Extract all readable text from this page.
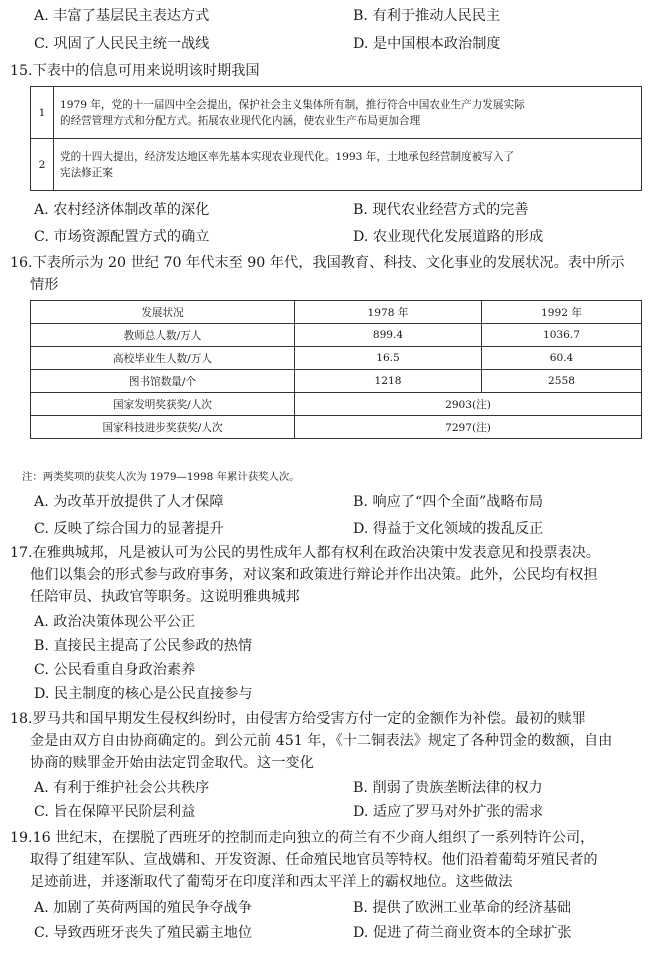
A. 丰富了基层民主表达方式	B. 有利于推动人民民主
C. 巩固了人民民主统一战线	D. 是中国根本政治制度
15.下表中的信息可用来说明该时期我国
1	1979 年，党的十一届四中全会提出，保护社会主义集体所有制，推行符合中国农业生产力发展实际
的经营管理方式和分配方式。拓展农业现代化内涵，使农业生产布局更加合理

2	党的十四大提出，经济发达地区率先基本实现农业现代化。1993 年，土地承包经营制度被写入了
宪法修正案
A. 农村经济体制改革的深化	B. 现代农业经营方式的完善
C. 市场资源配置方式的确立	D. 农业现代化发展道路的形成
16.下表所示为 20 世纪 70 年代末至 90 年代，我国教育、科技、文化事业的发展状况。表中所示
情形
发展状况	1978 年	1992 年
教师总人数/万人	899.4	1036.7
高校毕业生人数/万人	16.5	60.4
图书馆数量/个	1218	2558
国家发明奖获奖/人次	2903(注)	
国家科技进步奖获奖/人次	7297(注)	
注：两类奖项的获奖人次为 1979—1998 年累计获奖人次。
A. 为改革开放提供了人才保障	B. 响应了“四个全面”战略布局
C. 反映了综合国力的显著提升	D. 得益于文化领域的拨乱反正
17.在雅典城邦，凡是被认可为公民的男性成年人都有权利在政治决策中发表意见和投票表决。
他们以集会的形式参与政府事务，对议案和政策进行辩论并作出决策。此外，公民均有权担
任陪审员、执政官等职务。这说明雅典城邦
A. 政治决策体现公平公正
B. 直接民主提高了公民参政的热情
C. 公民看重自身政治素养
D. 民主制度的核心是公民直接参与
18.罗马共和国早期发生侵权纠纷时，由侵害方给受害方付一定的金额作为补偿。最初的赎罪
金是由双方自由协商确定的。到公元前 451 年，《十二铜表法》规定了各种罚金的数额，自由
协商的赎罪金开始由法定罚金取代。这一变化
A. 有利于维护社会公共秩序	B. 削弱了贵族垄断法律的权力
C. 旨在保障平民阶层利益	D. 适应了罗马对外扩张的需求
19.16 世纪末，在摆脱了西班牙的控制而走向独立的荷兰有不少商人组织了一系列特许公司，
取得了组建军队、宣战媾和、开发资源、任命殖民地官员等特权。他们沿着葡萄牙殖民者的
足迹前进，并逐渐取代了葡萄牙在印度洋和西太平洋上的霸权地位。这些做法
A. 加剧了英荷两国的殖民争夺战争	B. 提供了欧洲工业革命的经济基础
C. 导致西班牙丧失了殖民霸主地位	D. 促进了荷兰商业资本的全球扩张
